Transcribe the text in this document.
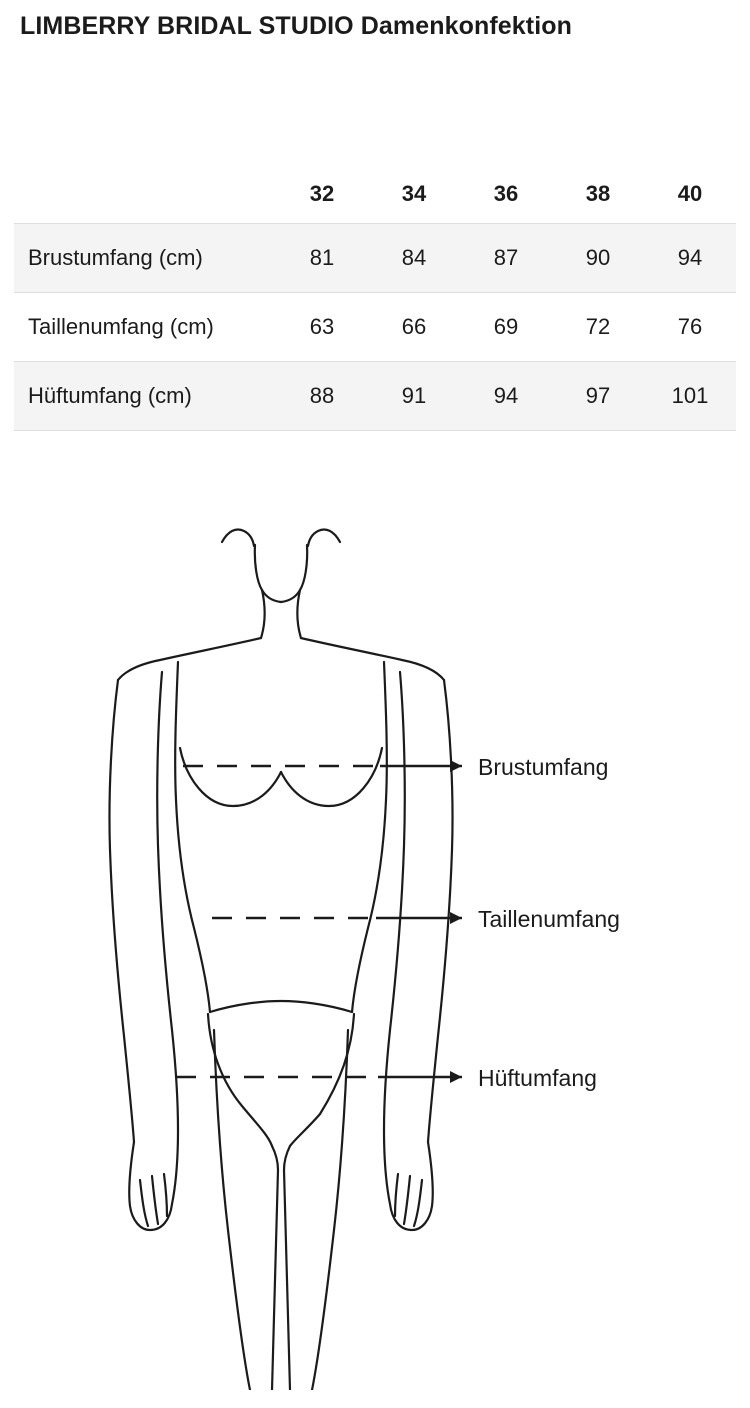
LIMBERRY BRIDAL STUDIO Damenkonfektion
	32	34	36	38	40
Brustumfang (cm)	81	84	87	90	94
Taillenumfang (cm)	63	66	69	72	76
Hüftumfang (cm)	88	91	94	97	101
Brustumfang
Taillenumfang
Hüftumfang
